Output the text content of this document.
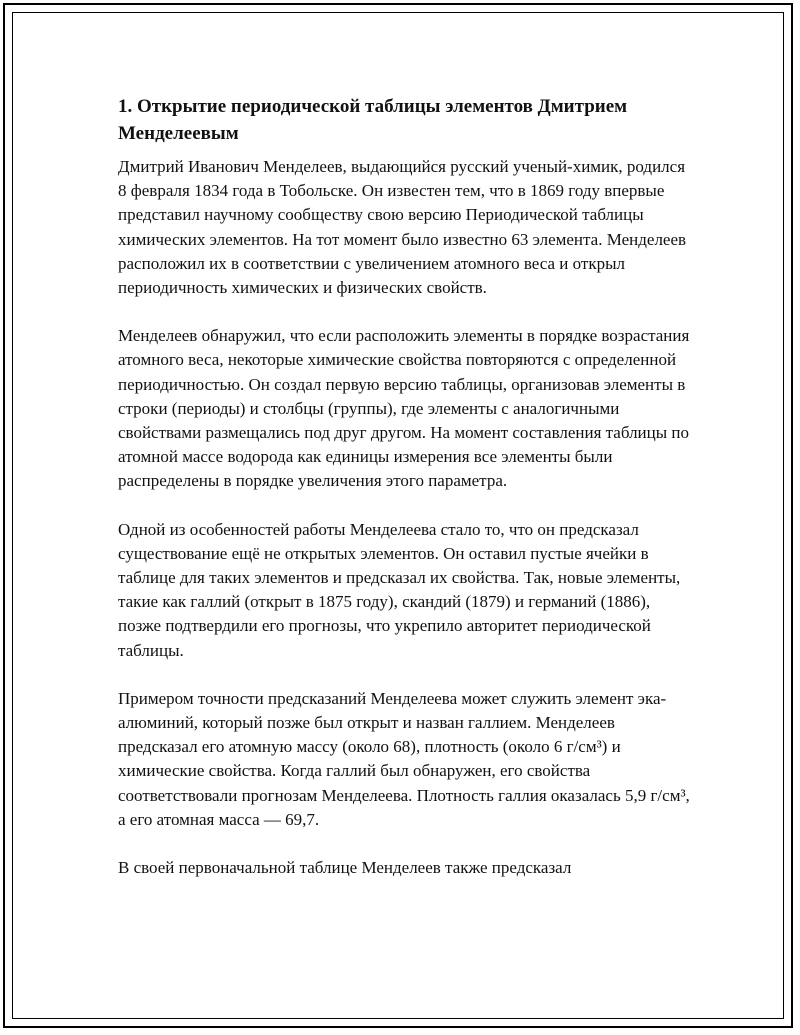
1. Открытие периодической таблицы элементов Дмитрием Менделеевым

Дмитрий Иванович Менделеев, выдающийся русский ученый-химик, родился 8 февраля 1834 года в Тобольске. Он известен тем, что в 1869 году впервые представил научному сообществу свою версию Периодической таблицы химических элементов. На тот момент было известно 63 элемента. Менделеев расположил их в соответствии с увеличением атомного веса и открыл периодичность химических и физических свойств.

Менделеев обнаружил, что если расположить элементы в порядке возрастания атомного веса, некоторые химические свойства повторяются с определенной периодичностью. Он создал первую версию таблицы, организовав элементы в строки (периоды) и столбцы (группы), где элементы с аналогичными свойствами размещались под друг другом. На момент составления таблицы по атомной массе водорода как единицы измерения все элементы были распределены в порядке увеличения этого параметра.

Одной из особенностей работы Менделеева стало то, что он предсказал существование ещё не открытых элементов. Он оставил пустые ячейки в таблице для таких элементов и предсказал их свойства. Так, новые элементы, такие как галлий (открыт в 1875 году), скандий (1879) и германий (1886), позже подтвердили его прогнозы, что укрепило авторитет периодической таблицы.

Примером точности предсказаний Менделеева может служить элемент эка-алюминий, который позже был открыт и назван галлием. Менделеев предсказал его атомную массу (около 68), плотность (около 6 г/см³) и химические свойства. Когда галлий был обнаружен, его свойства соответствовали прогнозам Менделеева. Плотность галлия оказалась 5,9 г/см³, а его атомная масса — 69,7.

В своей первоначальной таблице Менделеев также предсказал
